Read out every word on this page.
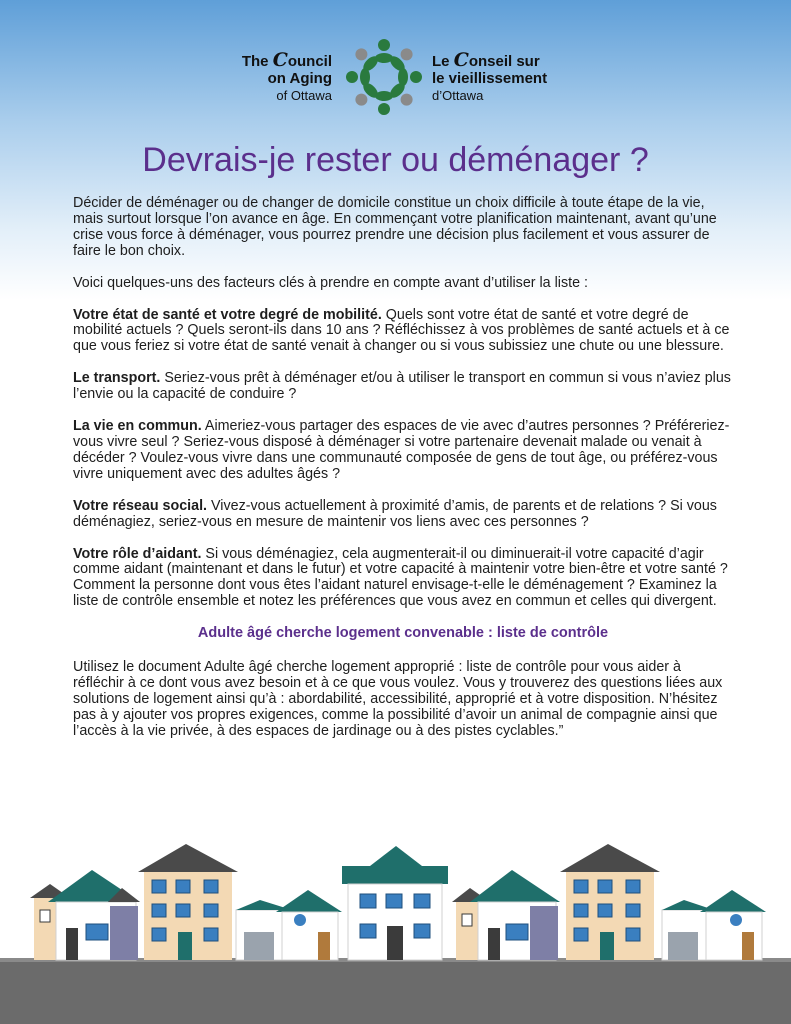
The Council
on Aging
of Ottawa
Le Conseil sur
le vieillissement
d’Ottawa
Devrais-je rester ou déménager ?

Décider de déménager ou de changer de domicile constitue un choix difficile à toute étape de la vie, mais surtout lorsque l’on avance en âge. En commençant votre planification maintenant, avant qu’une crise vous force à déménager, vous pourrez prendre une décision plus facilement et vous assurer de faire le bon choix.

Voici quelques-uns des facteurs clés à prendre en compte avant d’utiliser la liste :

Votre état de santé et votre degré de mobilité. Quels sont votre état de santé et votre degré de mobilité actuels ? Quels seront-ils dans 10 ans ? Réfléchissez à vos problèmes de santé actuels et à ce que vous feriez si votre état de santé venait à changer ou si vous subissiez une chute ou une blessure.

Le transport. Seriez-vous prêt à déménager et/ou à utiliser le transport en commun si vous n’aviez plus l’envie ou la capacité de conduire ?

La vie en commun. Aimeriez-vous partager des espaces de vie avec d’autres personnes ? Préféreriez-vous vivre seul ? Seriez-vous disposé à déménager si votre partenaire devenait malade ou venait à décéder ? Voulez-vous vivre dans une communauté composée de gens de tout âge, ou préférez-vous vivre uniquement avec des adultes âgés ?

Votre réseau social. Vivez-vous actuellement à proximité d’amis, de parents et de relations ? Si vous déménagiez, seriez-vous en mesure de maintenir vos liens avec ces personnes ?

Votre rôle d’aidant. Si vous déménagiez, cela augmenterait-il ou diminuerait-il votre capacité d’agir comme aidant (maintenant et dans le futur) et votre capacité à maintenir votre bien-être et votre santé ? Comment la personne dont vous êtes l’aidant naturel envisage-t-elle le déménagement ? Examinez la liste de contrôle ensemble et notez les préférences que vous avez en commun et celles qui divergent.

Adulte âgé cherche logement convenable : liste de contrôle

Utilisez le document Adulte âgé cherche logement approprié : liste de contrôle pour vous aider à réfléchir à ce dont vous avez besoin et à ce que vous voulez. Vous y trouverez des questions liées aux solutions de logement ainsi qu’à : abordabilité, accessibilité, approprié et à votre disposition. N’hésitez pas à y ajouter vos propres exigences, comme la possibilité d’avoir un animal de compagnie ainsi que l’accès à la vie privée, à des espaces de jardinage ou à des pistes cyclables.”
